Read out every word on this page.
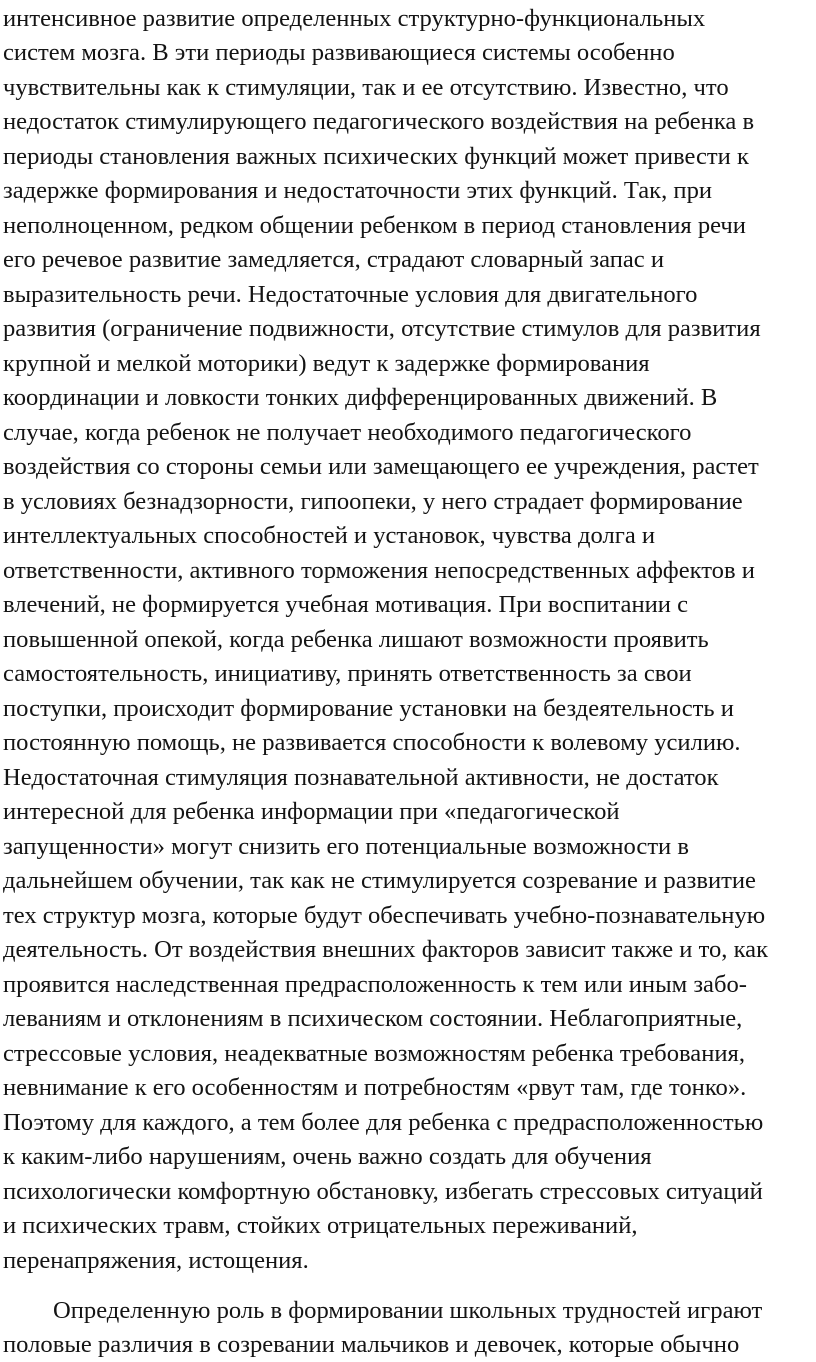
интенсивное развитие определенных структурно-функциональных
систем мозга. В эти периоды развивающиеся системы особенно
чувствительны как к стимуляции, так и ее отсутствию. Известно, что
недостаток стимулирующего педагогического воздействия на ребенка в
периоды становления важных психических функций может привести к
задержке формирования и недостаточности этих функций. Так, при
неполноценном, редком общении ребенком в период становления речи
его речевое развитие замедляется, страдают словарный запас и
выразительность речи. Недостаточные условия для двигательного
развития (ограничение подвижности, отсутствие стимулов для развития
крупной и мелкой моторики) ведут к задержке формирования
координации и ловкости тонких дифференцированных движений. В
случае, когда ребенок не получает необходимого педагогического
воздействия со стороны семьи или замещающего ее учреждения, растет
в условиях безнадзорности, гипоопеки, у него страдает формирование
интеллектуальных способностей и установок, чувства долга и
ответственности, активного торможения непосредственных аффектов и
влечений, не формируется учебная мотивация. При воспитании с
повышенной опекой, когда ребенка лишают возможности проявить
самостоятельность, инициативу, принять ответственность за свои
поступки, происходит формирование установки на бездеятельность и
постоянную помощь, не развивается способности к волевому усилию.
Недостаточная стимуляция познавательной активности, не достаток
интересной для ребенка информации при «педагогической
запущенности» могут снизить его потенциальные возможности в
дальнейшем обучении, так как не стимулируется созревание и развитие
тех структур мозга, которые будут обеспечивать учебно-познавательную
деятельность. От воздействия внешних факторов зависит также и то, как
проявится наследственная предрасположенность к тем или иным забо-
леваниям и отклонениям в психическом состоянии. Неблагоприятные,
стрессовые условия, неадекватные возможностям ребенка требования,
невнимание к его особенностям и потребностям «рвут там, где тонко».
Поэтому для каждого, а тем более для ребенка с предрасположенностью
к каким-либо нарушениям, очень важно создать для обучения
психологически комфортную обстановку, избегать стрессовых ситуаций
и психических травм, стойких отрицательных переживаний,
перенапряжения, истощения.
Определенную роль в формировании школьных трудностей играют
половые различия в созревании мальчиков и девочек, которые обычно
